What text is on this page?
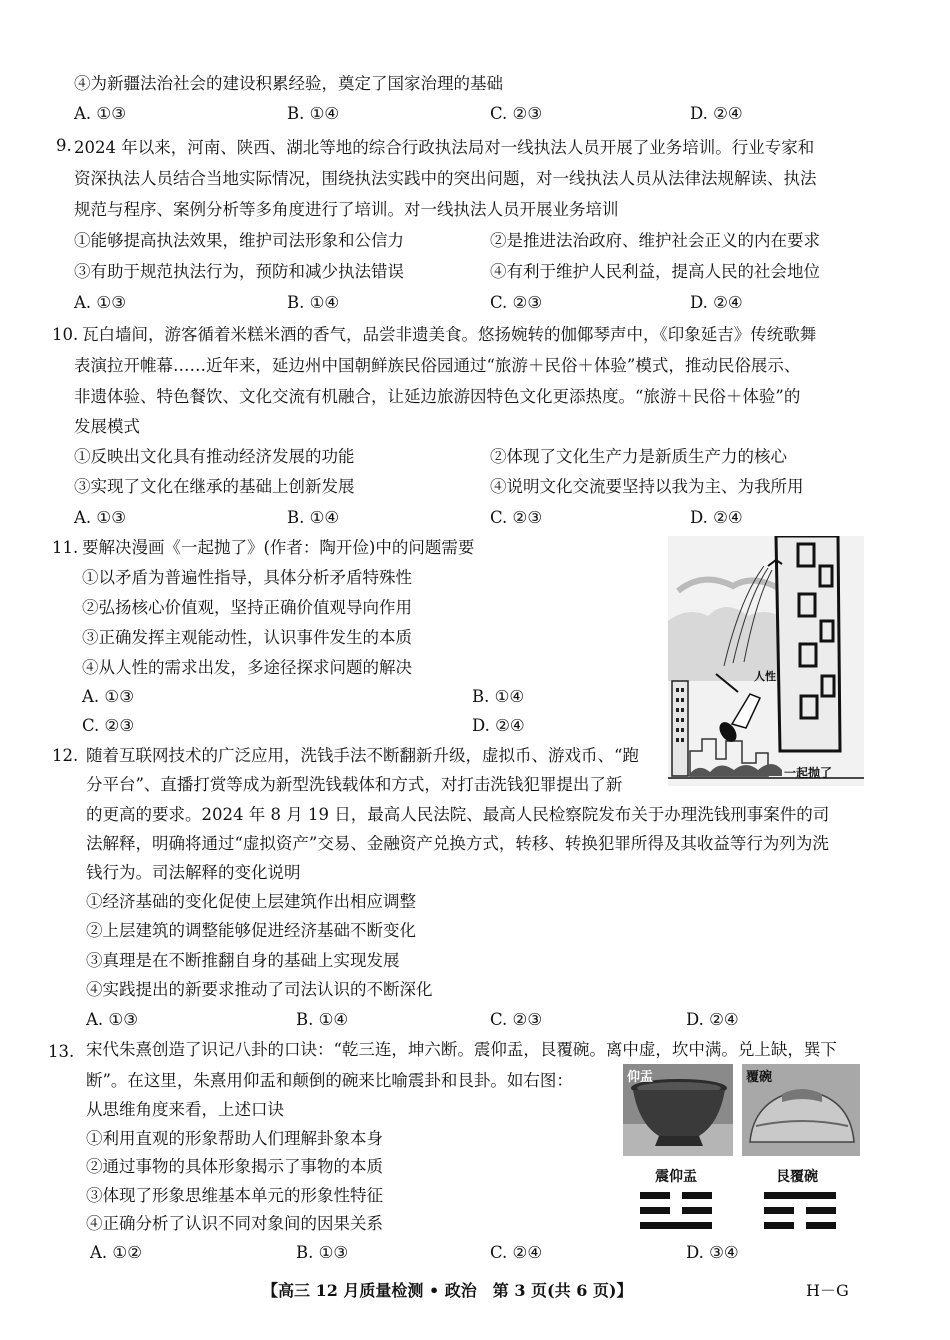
④为新疆法治社会的建设积累经验，奠定了国家治理的基础
A. ①③	B. ①④	C. ②③	D. ②④
9. 2024 年以来，河南、陕西、湖北等地的综合行政执法局对一线执法人员开展了业务培训。行业专家和
资深执法人员结合当地实际情况，围绕执法实践中的突出问题，对一线执法人员从法律法规解读、执法
规范与程序、案例分析等多角度进行了培训。对一线执法人员开展业务培训
①能够提高执法效果，维护司法形象和公信力	②是推进法治政府、维护社会正义的内在要求
③有助于规范执法行为，预防和减少执法错误	④有利于维护人民利益，提高人民的社会地位
A. ①③	B. ①④	C. ②③	D. ②④
10. 瓦白墙间，游客循着米糕米酒的香气，品尝非遗美食。悠扬婉转的伽倻琴声中，《印象延吉》传统歌舞
表演拉开帷幕……近年来，延边州中国朝鲜族民俗园通过“旅游＋民俗＋体验”模式，推动民俗展示、
非遗体验、特色餐饮、文化交流有机融合，让延边旅游因特色文化更添热度。“旅游＋民俗＋体验”的
发展模式
①反映出文化具有推动经济发展的功能	②体现了文化生产力是新质生产力的核心
③实现了文化在继承的基础上创新发展	④说明文化交流要坚持以我为主、为我所用
A. ①③	B. ①④	C. ②③	D. ②④
11. 要解决漫画《一起抛了》(作者：陶开俭)中的问题需要
①以矛盾为普遍性指导，具体分析矛盾特殊性
②弘扬核心价值观，坚持正确价值观导向作用
③正确发挥主观能动性，认识事件发生的本质
④从人性的需求出发，多途径探求问题的解决
A. ①③	B. ①④
C. ②③	D. ②④
人性
一起抛了
12. 随着互联网技术的广泛应用，洗钱手法不断翻新升级，虚拟币、游戏币、“跑
分平台”、直播打赏等成为新型洗钱载体和方式，对打击洗钱犯罪提出了新
的更高的要求。2024 年 8 月 19 日，最高人民法院、最高人民检察院发布关于办理洗钱刑事案件的司
法解释，明确将通过“虚拟资产”交易、金融资产兑换方式，转移、转换犯罪所得及其收益等行为列为洗
钱行为。司法解释的变化说明
①经济基础的变化促使上层建筑作出相应调整
②上层建筑的调整能够促进经济基础不断变化
③真理是在不断推翻自身的基础上实现发展
④实践提出的新要求推动了司法认识的不断深化
A. ①③	B. ①④	C. ②③	D. ②④
13. 宋代朱熹创造了识记八卦的口诀：“乾三连，坤六断。震仰盂，艮覆碗。离中虚，坎中满。兑上缺，巽下
断”。在这里，朱熹用仰盂和颠倒的碗来比喻震卦和艮卦。如右图：
从思维角度来看，上述口诀
①利用直观的形象帮助人们理解卦象本身
②通过事物的具体形象揭示了事物的本质
③体现了形象思维基本单元的形象性特征
④正确分析了认识不同对象间的因果关系
A. ①②	B. ①③	C. ②④	D. ③④
仰盂	覆碗
震仰盂	艮覆碗
【高三 12 月质量检测 • 政治　第 3 页(共 6 页)】	H－G
